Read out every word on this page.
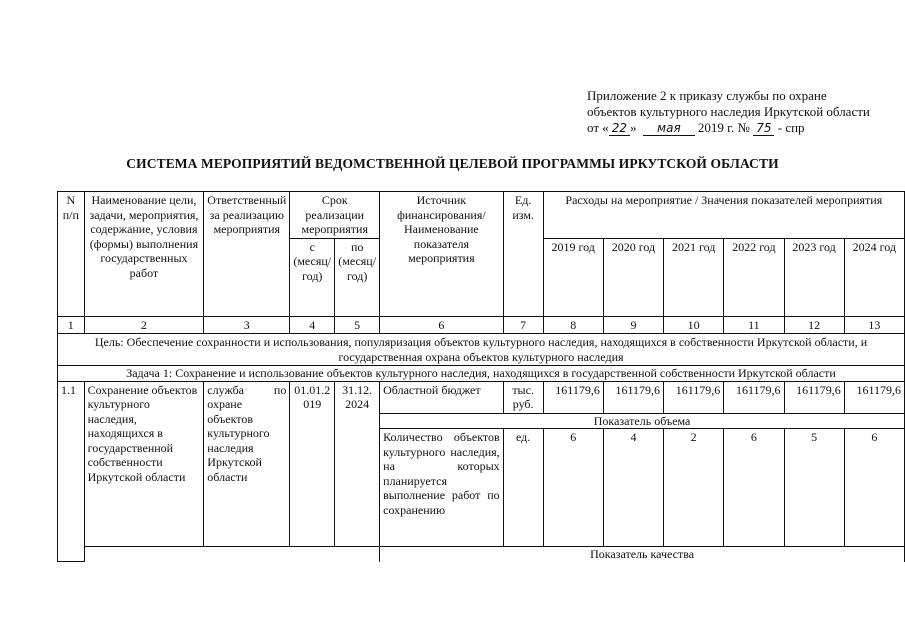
Приложение 2 к приказу службы по охране
объектов культурного наследия Иркутской области
от « 22 » мая 2019 г. № 75 - спр
СИСТЕМА МЕРОПРИЯТИЙ ВЕДОМСТВЕННОЙ ЦЕЛЕВОЙ ПРОГРАММЫ ИРКУТСКОЙ ОБЛАСТИ
N п/п	Наименование цели, задачи, мероприятия, содержание, условия (формы) выполнения государственных работ	Ответственный за реализацию мероприятия	Срок реализации мероприятия		Источник финансирования/ Наименование показателя мероприятия	Ед. изм.	Расходы на мероприятие / Значения показателей мероприятия					
			с (месяц/год)	по (месяц/год)			2019 год	2020 год	2021 год	2022 год	2023 год	2024 год
1	2	3	4	5	6	7	8	9	10	11	12	13
Цель: Обеспечение сохранности и использования, популяризация объектов культурного наследия, находящихся в собственности Иркутской области, и государственная охрана объектов культурного наследия												
Задача 1: Сохранение и использование объектов культурного наследия, находящихся в государственной собственности Иркутской области												
1.1	Сохранение объектов культурного наследия, находящихся в государственной собственности Иркутской области	служба по охране объектов культурного наследия Иркутской области	01.01.2019	31.12. 2024	Областной бюджет	тыс. руб.	161179,6	161179,6	161179,6	161179,6	161179,6	161179,6
					Показатель объема							
					Количество объектов культурного наследия, на которых планируется выполнение работ по сохранению	ед.	6	4	2	6	5	6
					Показатель качества							
